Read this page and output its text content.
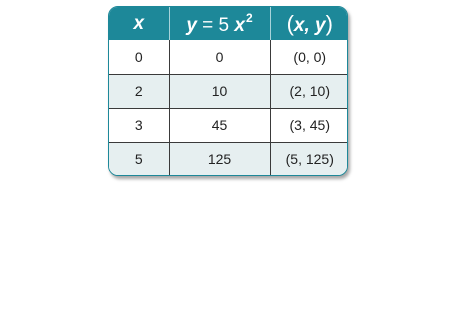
x	y = 5 $x^2$	(x, y)
0	0	(0, 0)
2	10	(2, 10)
3	45	(3, 45)
5	125	(5, 125)
